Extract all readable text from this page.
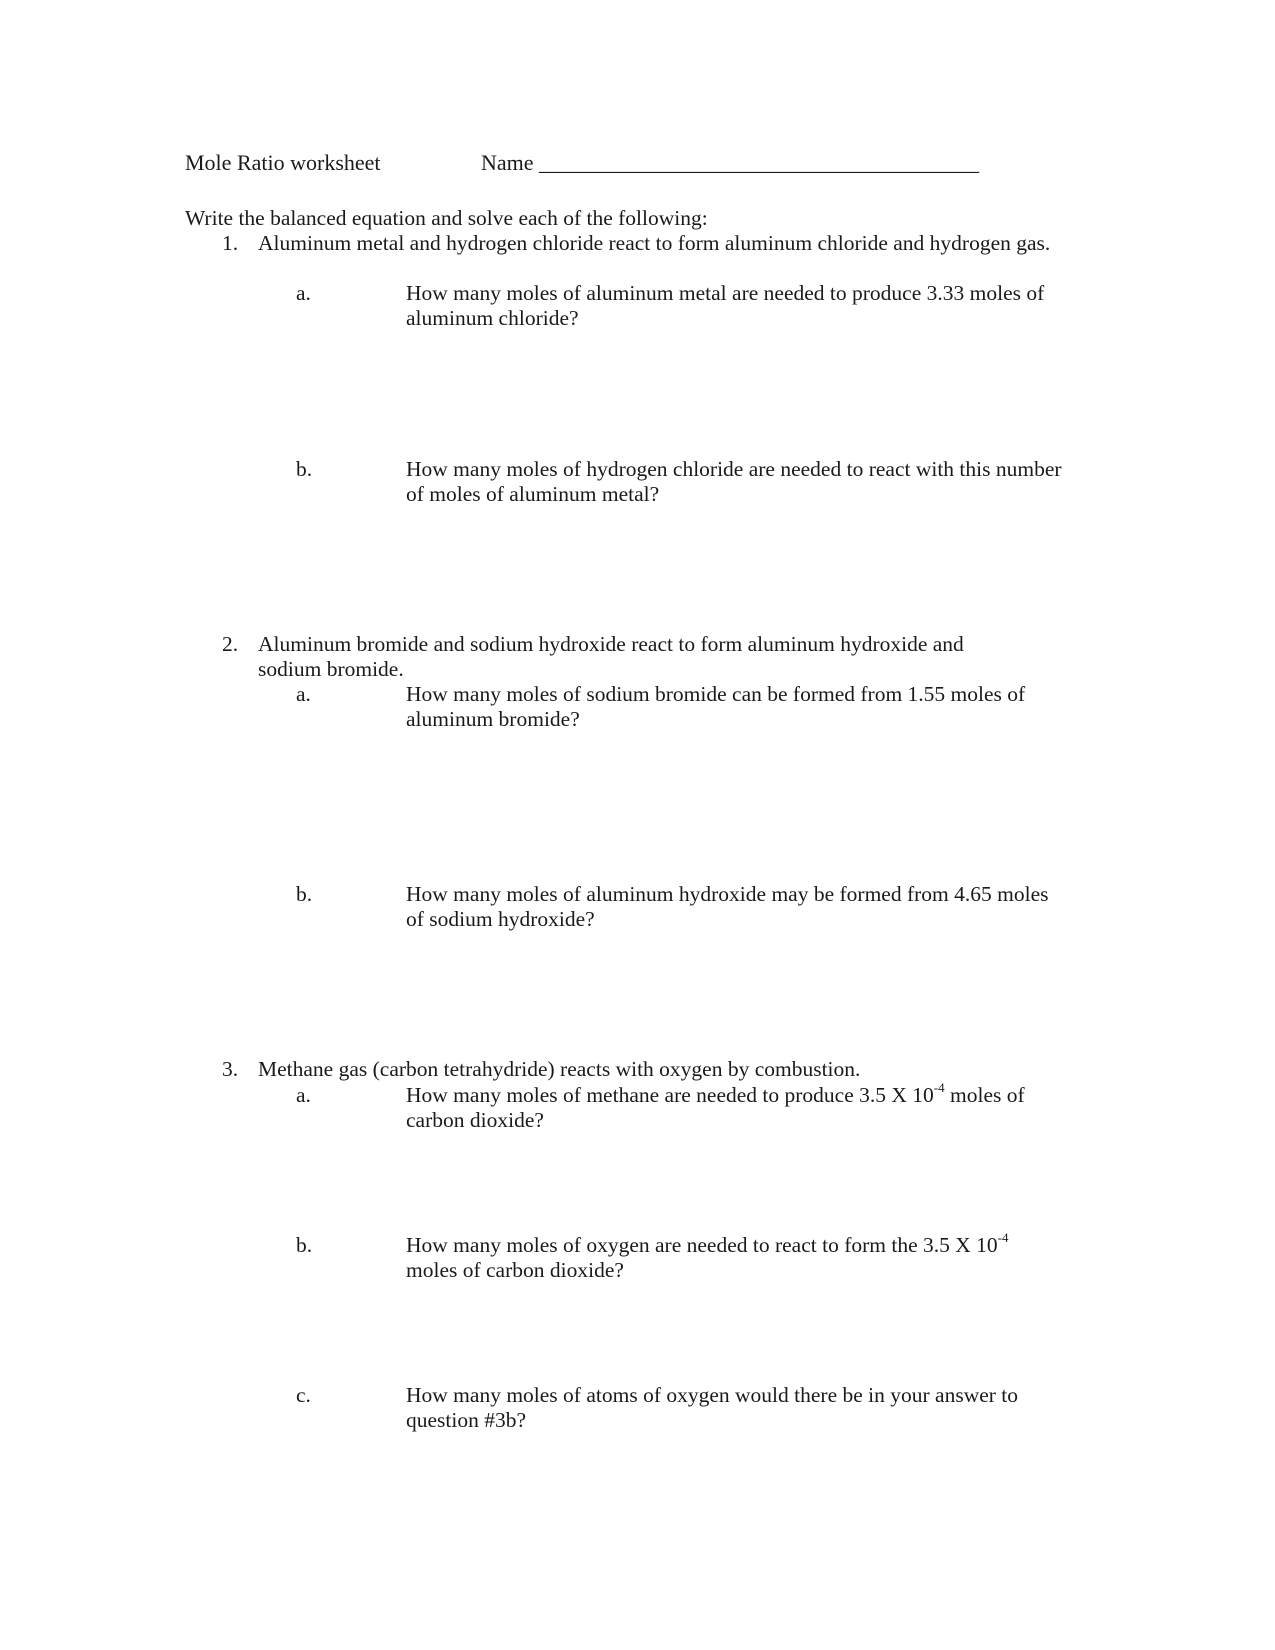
Mole Ratio worksheet	Name ________________________________________
Write the balanced equation and solve each of the following:
1. Aluminum metal and hydrogen chloride react to form aluminum chloride and hydrogen gas.
a.	How many moles of aluminum metal are needed to produce 3.33 moles of aluminum chloride?
b.	How many moles of hydrogen chloride are needed to react with this number of moles of aluminum metal?
2. Aluminum bromide and sodium hydroxide react to form aluminum hydroxide and sodium bromide.
a.	How many moles of sodium bromide can be formed from 1.55 moles of aluminum bromide?
b.	How many moles of aluminum hydroxide may be formed from 4.65 moles of sodium hydroxide?
3. Methane gas (carbon tetrahydride) reacts with oxygen by combustion.
a.	How many moles of methane are needed to produce 3.5 X $10^{-4}$ moles of carbon dioxide?
b.	How many moles of oxygen are needed to react to form the 3.5 X $10^{-4}$ moles of carbon dioxide?
c.	How many moles of atoms of oxygen would there be in your answer to question #3b?
